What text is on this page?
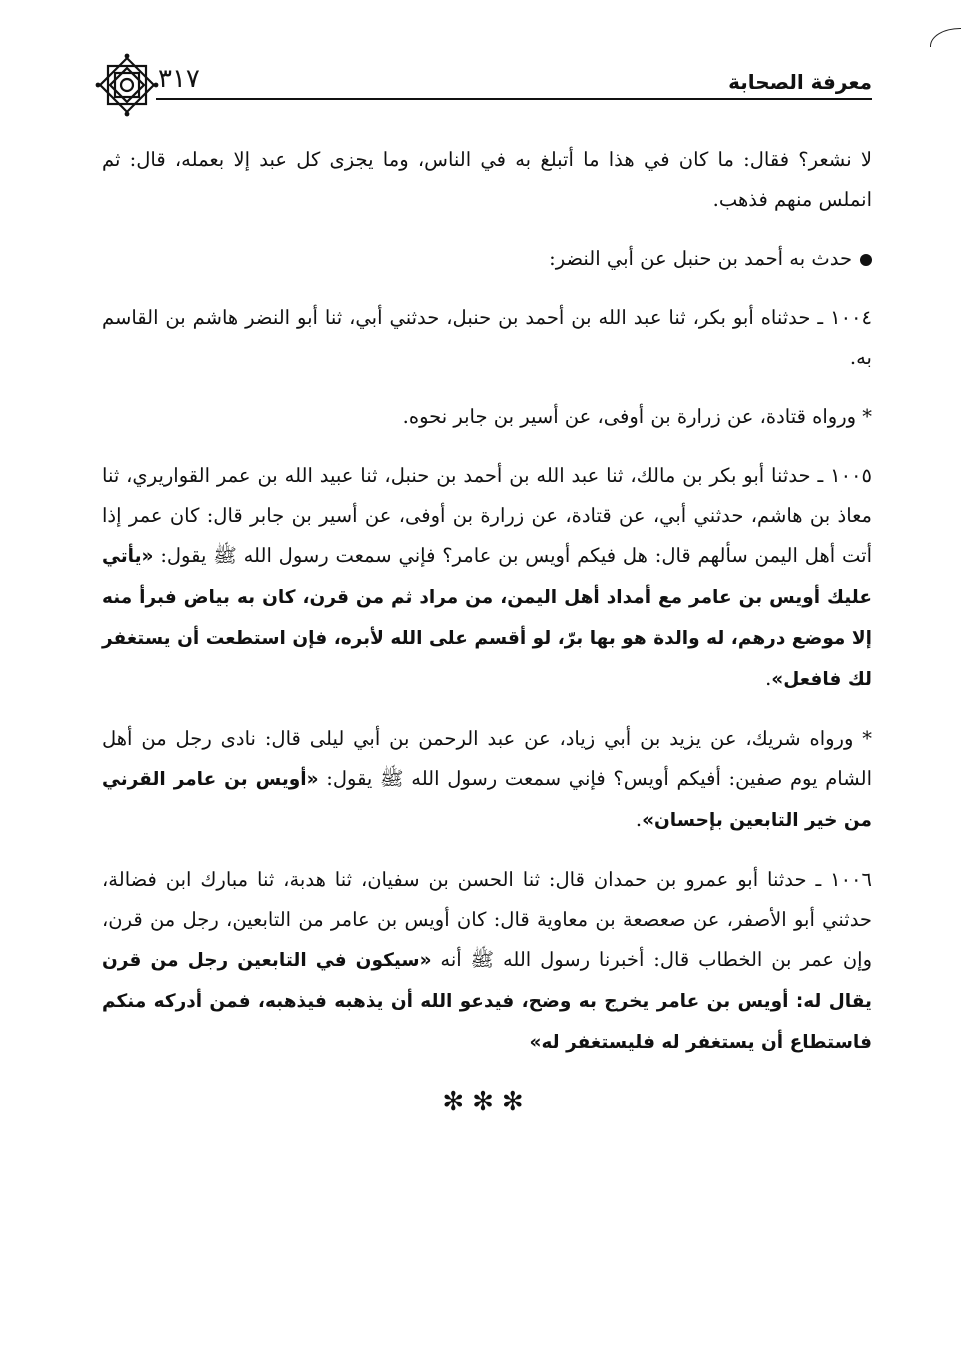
٣١٧	معرفة الصحابة

لا نشعر؟ فقال: ما كان في هذا ما أتبلغ به في الناس، وما يجزى كل عبد إلا بعمله، قال: ثم انملس منهم فذهب.

حدث به أحمد بن حنبل عن أبي النضر:

١٠٠٤ ـ حدثناه أبو بكر، ثنا عبد الله بن أحمد بن حنبل، حدثني أبي، ثنا أبو النضر هاشم بن القاسم به.

* ورواه قتادة، عن زرارة بن أوفى، عن أسير بن جابر نحوه.

١٠٠٥ ـ حدثنا أبو بكر بن مالك، ثنا عبد الله بن أحمد بن حنبل، ثنا عبيد الله بن عمر القواريري، ثنا معاذ بن هاشم، حدثني أبي، عن قتادة، عن زرارة بن أوفى، عن أسير بن جابر قال: كان عمر إذا أتت أهل اليمن سألهم قال: هل فيكم أويس بن عامر؟ فإني سمعت رسول الله ﷺ يقول: «يأتي عليك أويس بن عامر مع أمداد أهل اليمن، من مراد ثم من قرن، كان به بياض فبرأ منه إلا موضع درهم، له والدة هو بها برّ، لو أقسم على الله لأبره، فإن استطعت أن يستغفر لك فافعل».

* ورواه شريك، عن يزيد بن أبي زياد، عن عبد الرحمن بن أبي ليلى قال: نادى رجل من أهل الشام يوم صفين: أفيكم أويس؟ فإني سمعت رسول الله ﷺ يقول: «أويس بن عامر القرني من خير التابعين بإحسان».

١٠٠٦ ـ حدثنا أبو عمرو بن حمدان قال: ثنا الحسن بن سفيان، ثنا هدبة، ثنا مبارك ابن فضالة، حدثني أبو الأصفر، عن صعصعة بن معاوية قال: كان أويس بن عامر من التابعين، رجل من قرن، وإن عمر بن الخطاب قال: أخبرنا رسول الله ﷺ أنه «سيكون في التابعين رجل من قرن يقال له: أويس بن عامر يخرج به وضح، فيدعو الله أن يذهبه فيذهبه، فمن أدركه منكم فاستطاع أن يستغفر له فليستغفر له»

✻✻✻
